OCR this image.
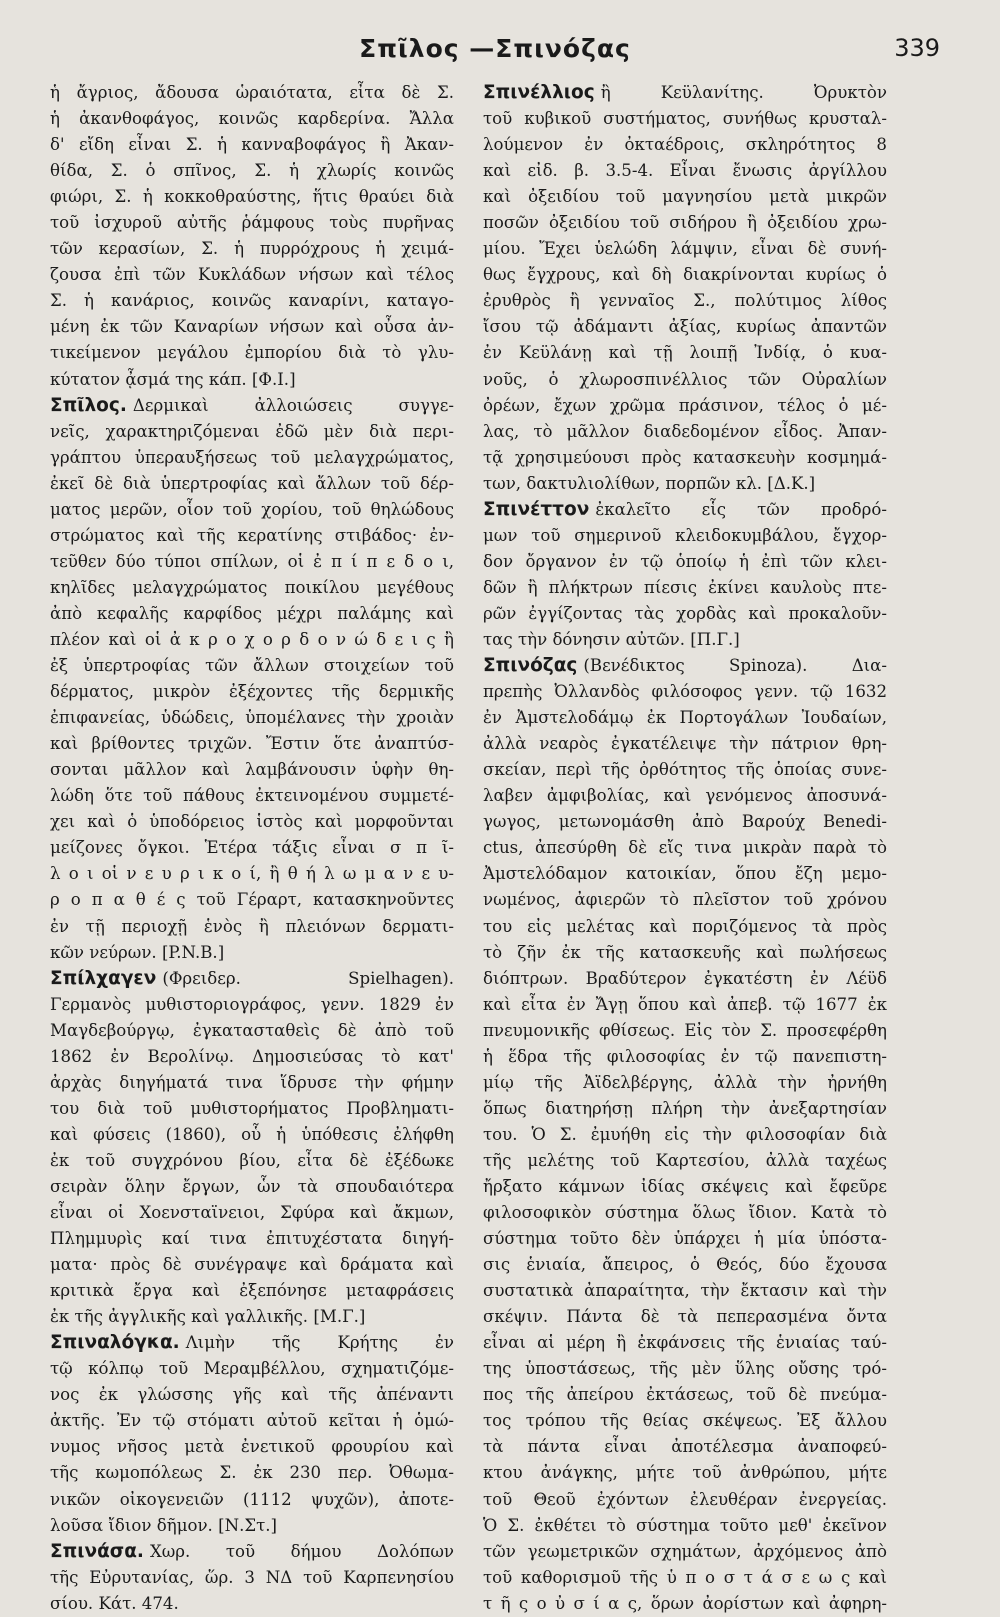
Σπῖλος —Σπινόζας	339
ἡ ἄγριος, ἄδουσα ὡραιότατα, εἶτα δὲ Σ.
ἡ ἀκανθοφάγος, κοινῶς καρδερίνα. Ἄλλα
δ' εἴδη εἶναι Σ. ἡ κανναβοφάγος ἢ Ἀκαν-
θίδα, Σ. ὁ σπῖνος, Σ. ἡ χλωρίς κοινῶς
φιώρι, Σ. ἡ κοκκοθραύστης, ἥτις θραύει διὰ
τοῦ ἰσχυροῦ αὐτῆς ῥάμφους τοὺς πυρῆνας
τῶν κερασίων, Σ. ἡ πυρρόχρους ἡ χειμά-
ζουσα ἐπὶ τῶν Κυκλάδων νήσων καὶ τέλος
Σ. ἡ κανάριος, κοινῶς καναρίνι, καταγο-
μένη ἐκ τῶν Καναρίων νήσων καὶ οὖσα ἀν-
τικείμενον μεγάλου ἐμπορίου διὰ τὸ γλυ-
κύτατον ᾆσμά της κάπ. [Φ.Ι.]
Σπῖλος. Δερμικαὶ ἀλλοιώσεις συγγε-
νεῖς, χαρακτηριζόμεναι ἐδῶ μὲν διὰ περι-
γράπτου ὑπεραυξήσεως τοῦ μελαγχρώματος,
ἐκεῖ δὲ διὰ ὑπερτροφίας καὶ ἄλλων τοῦ δέρ-
ματος μερῶν, οἷον τοῦ χορίου, τοῦ θηλώδους
στρώματος καὶ τῆς κερατίνης στιβάδος· ἐν-
τεῦθεν δύο τύποι σπίλων, οἱ ἐ π ί π ε δ ο ι,
κηλῖδες μελαγχρώματος ποικίλου μεγέθους
ἀπὸ κεφαλῆς καρφίδος μέχρι παλάμης καὶ
πλέον καὶ οἱ ἀ κ ρ ο χ ο ρ δ ο ν ώ δ ε ι ς ἢ
ἐξ ὑπερτροφίας τῶν ἄλλων στοιχείων τοῦ
δέρματος, μικρὸν ἐξέχοντες τῆς δερμικῆς
ἐπιφανείας, ὑδώδεις, ὑπομέλανες τὴν χροιὰν
καὶ βρίθοντες τριχῶν. Ἔστιν ὅτε ἀναπτύσ-
σονται μᾶλλον καὶ λαμβάνουσιν ὑφὴν θη-
λώδη ὅτε τοῦ πάθους ἐκτεινομένου συμμετέ-
χει καὶ ὁ ὑποδόρειος ἱστὸς καὶ μορφοῦνται
μείζονες ὄγκοι. Ἑτέρα τάξις εἶναι σ π ῖ-
λ ο ι οἱ ν ε υ ρ ι κ ο ί, ἢ θ ή λ ω μ α ν ε υ-
ρ ο π α θ έ ς τοῦ Γέραρτ, κατασκηνοῦντες
ἐν τῇ περιοχῇ ἑνὸς ἢ πλειόνων δερματι-
κῶν νεύρων. [P.N.B.]
Σπίλχαγεν (Φρειδερ. Spielhagen).
Γερμανὸς μυθιστοριογράφος, γενν. 1829 ἐν
Μαγδεβούργῳ, ἐγκατασταθεὶς δὲ ἀπὸ τοῦ
1862 ἐν Βερολίνῳ. Δημοσιεύσας τὸ κατ'
ἀρχὰς διηγήματά τινα ἵδρυσε τὴν φήμην
του διὰ τοῦ μυθιστορήματος Προβληματι-
καὶ φύσεις (1860), οὗ ἡ ὑπόθεσις ἐλήφθη
ἐκ τοῦ συγχρόνου βίου, εἶτα δὲ ἐξέδωκε
σειρὰν ὅλην ἔργων, ὧν τὰ σπουδαιότερα
εἶναι οἱ Χοενσταϊνειοι, Σφύρα καὶ ἄκμων,
Πλημμυρὶς καί τινα ἐπιτυχέστατα διηγή-
ματα· πρὸς δὲ συνέγραψε καὶ δράματα καὶ
κριτικὰ ἔργα καὶ ἐξεπόνησε μεταφράσεις
ἐκ τῆς ἀγγλικῆς καὶ γαλλικῆς. [Μ.Γ.]
Σπιναλόγκα. Λιμὴν τῆς Κρήτης ἐν
τῷ κόλπῳ τοῦ Μεραμβέλλου, σχηματιζόμε-
νος ἐκ γλώσσης γῆς καὶ τῆς ἀπέναντι
ἀκτῆς. Ἐν τῷ στόματι αὐτοῦ κεῖται ἡ ὁμώ-
νυμος νῆσος μετὰ ἐνετικοῦ φρουρίου καὶ
τῆς κωμοπόλεως Σ. ἐκ 230 περ. Ὀθωμα-
νικῶν οἰκογενειῶν (1112 ψυχῶν), ἀποτε-
λοῦσα ἴδιον δῆμον. [Ν.Στ.]
Σπινάσα. Χωρ. τοῦ δήμου Δολόπων
τῆς Εὐρυτανίας, ὥρ. 3 ΝΔ τοῦ Καρπενησίου
σίου. Κάτ. 474.
Σπινέλλιος ἢ Κεϋλανίτης. Ὀρυκτὸν
τοῦ κυβικοῦ συστήματος, συνήθως κρυσταλ-
λούμενον ἐν ὀκταέδροις, σκληρότητος 8
καὶ εἰδ. β. 3.5-4. Εἶναι ἔνωσις ἀργίλλου
καὶ ὀξειδίου τοῦ μαγνησίου μετὰ μικρῶν
ποσῶν ὀξειδίου τοῦ σιδήρου ἢ ὀξειδίου χρω-
μίου. Ἔχει ὑελώδη λάμψιν, εἶναι δὲ συνή-
θως ἔγχρους, καὶ δὴ διακρίνονται κυρίως ὁ
ἐρυθρὸς ἢ γενναῖος Σ., πολύτιμος λίθος
ἴσου τῷ ἀδάμαντι ἀξίας, κυρίως ἀπαντῶν
ἐν Κεϋλάνῃ καὶ τῇ λοιπῇ Ἰνδίᾳ, ὁ κυα-
νοῦς, ὁ χλωροσπινέλλιος τῶν Οὐραλίων
ὀρέων, ἔχων χρῶμα πράσινον, τέλος ὁ μέ-
λας, τὸ μᾶλλον διαδεδομένον εἶδος. Ἀπαν-
τᾷ χρησιμεύουσι πρὸς κατασκευὴν κοσμημά-
των, δακτυλιολίθων, πορπῶν κλ. [Δ.Κ.]
Σπινέττον ἐκαλεῖτο εἷς τῶν προδρό-
μων τοῦ σημερινοῦ κλειδοκυμβάλου, ἔγχορ-
δον ὄργανον ἐν τῷ ὁποίῳ ἡ ἐπὶ τῶν κλει-
δῶν ἢ πλήκτρων πίεσις ἐκίνει καυλοὺς πτε-
ρῶν ἐγγίζοντας τὰς χορδὰς καὶ προκαλοῦν-
τας τὴν δόνησιν αὐτῶν. [Π.Γ.]
Σπινόζας (Βενέδικτος Spinoza). Δια-
πρεπὴς Ὀλλανδὸς φιλόσοφος γενν. τῷ 1632
ἐν Ἀμστελοδάμῳ ἐκ Πορτογάλων Ἰουδαίων,
ἀλλὰ νεαρὸς ἐγκατέλειψε τὴν πάτριον θρη-
σκείαν, περὶ τῆς ὀρθότητος τῆς ὁποίας συνε-
λαβεν ἀμφιβολίας, καὶ γενόμενος ἀποσυνά-
γωγος, μετωνομάσθη ἀπὸ Βαρούχ Benedi-
ctus, ἀπεσύρθη δὲ εἴς τινα μικρὰν παρὰ τὸ
Ἀμστελόδαμον κατοικίαν, ὅπου ἔζη μεμο-
νωμένος, ἀφιερῶν τὸ πλεῖστον τοῦ χρόνου
του εἰς μελέτας καὶ ποριζόμενος τὰ πρὸς
τὸ ζῆν ἐκ τῆς κατασκευῆς καὶ πωλήσεως
διόπτρων. Βραδύτερον ἐγκατέστη ἐν Λέϋδ
καὶ εἶτα ἐν Ἄγῃ ὅπου καὶ ἀπεβ. τῷ 1677 ἐκ
πνευμονικῆς φθίσεως. Εἰς τὸν Σ. προσεφέρθη
ἡ ἕδρα τῆς φιλοσοφίας ἐν τῷ πανεπιστη-
μίῳ τῆς Ἀϊδελβέργης, ἀλλὰ τὴν ἠρνήθη
ὅπως διατηρήσῃ πλήρη τὴν ἀνεξαρτησίαν
του. Ὁ Σ. ἐμυήθη εἰς τὴν φιλοσοφίαν διὰ
τῆς μελέτης τοῦ Καρτεσίου, ἀλλὰ ταχέως
ἤρξατο κάμνων ἰδίας σκέψεις καὶ ἔφεῦρε
φιλοσοφικὸν σύστημα ὅλως ἴδιον. Κατὰ τὸ
σύστημα τοῦτο δὲν ὑπάρχει ἡ μία ὑπόστα-
σις ἑνιαία, ἄπειρος, ὁ Θεός, δύο ἔχουσα
συστατικὰ ἀπαραίτητα, τὴν ἔκτασιν καὶ τὴν
σκέψιν. Πάντα δὲ τὰ πεπερασμένα ὄντα
εἶναι αἱ μέρη ἢ ἐκφάνσεις τῆς ἑνιαίας ταύ-
της ὑποστάσεως, τῆς μὲν ὕλης οὔσης τρό-
πος τῆς ἀπείρου ἐκτάσεως, τοῦ δὲ πνεύμα-
τος τρόπου τῆς θείας σκέψεως. Ἐξ ἄλλου
τὰ πάντα εἶναι ἀποτέλεσμα ἀναποφεύ-
κτου ἀνάγκης, μήτε τοῦ ἀνθρώπου, μήτε
τοῦ Θεοῦ ἐχόντων ἐλευθέραν ἐνεργείας.
Ὁ Σ. ἐκθέτει τὸ σύστημα τοῦτο μεθ' ἐκεῖνον
τῶν γεωμετρικῶν σχημάτων, ἀρχόμενος ἀπὸ
τοῦ καθορισμοῦ τῆς ὑ π ο σ τ ά σ ε ω ς καὶ
τ ῆ ς ο ὐ σ ί α ς, ὅρων ἀορίστων καὶ ἀφηρη-
